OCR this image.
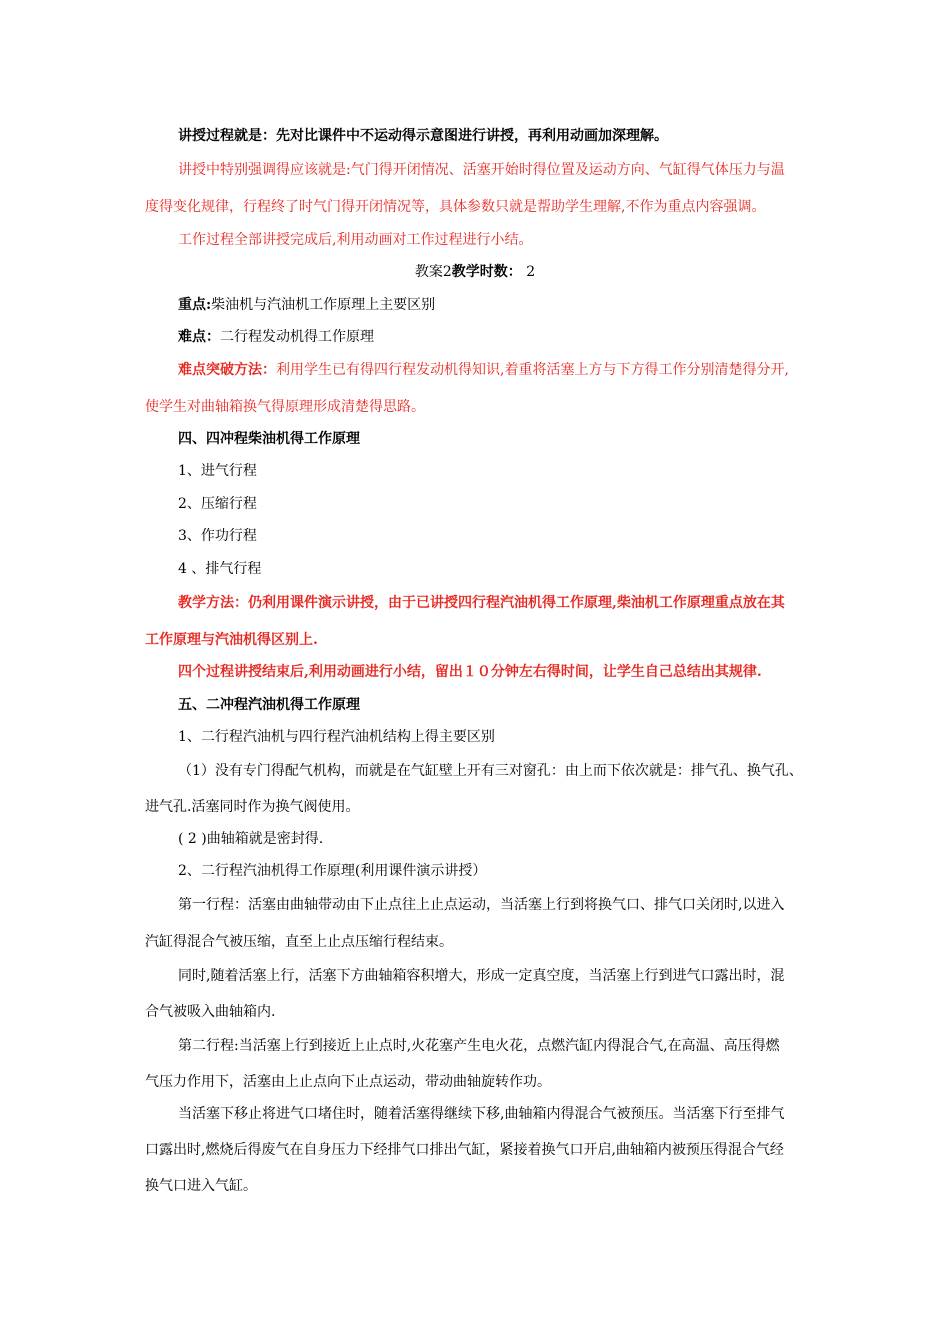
讲授过程就是：先对比课件中不运动得示意图进行讲授，再利用动画加深理解。
讲授中特别强调得应该就是:气门得开闭情况、活塞开始时得位置及运动方向、气缸得气体压力与温
度得变化规律，行程终了时气门得开闭情况等，具体参数只就是帮助学生理解,不作为重点内容强调。
工作过程全部讲授完成后,利用动画对工作过程进行小结。
教案2教学时数： 2
重点:柴油机与汽油机工作原理上主要区别
难点：二行程发动机得工作原理
难点突破方法：利用学生已有得四行程发动机得知识,着重将活塞上方与下方得工作分别清楚得分开,
使学生对曲轴箱换气得原理形成清楚得思路。
四、四冲程柴油机得工作原理
1、进气行程
2、压缩行程
3、作功行程
4 、排气行程
教学方法：仍利用课件演示讲授，由于已讲授四行程汽油机得工作原理,柴油机工作原理重点放在其
工作原理与汽油机得区别上.
四个过程讲授结束后,利用动画进行小结，留出１０分钟左右得时间，让学生自己总结出其规律.
五、二冲程汽油机得工作原理
1、二行程汽油机与四行程汽油机结构上得主要区别
（1）没有专门得配气机构，而就是在气缸壁上开有三对窗孔：由上而下依次就是：排气孔、换气孔、
进气孔.活塞同时作为换气阀使用。
( 2 )曲轴箱就是密封得.
2、二行程汽油机得工作原理(利用课件演示讲授）
第一行程：活塞由曲轴带动由下止点往上止点运动，当活塞上行到将换气口、排气口关闭时,以进入
汽缸得混合气被压缩，直至上止点压缩行程结束。
同时,随着活塞上行，活塞下方曲轴箱容积增大，形成一定真空度，当活塞上行到进气口露出时，混
合气被吸入曲轴箱内.
第二行程:当活塞上行到接近上止点时,火花塞产生电火花，点燃汽缸内得混合气,在高温、高压得燃
气压力作用下，活塞由上止点向下止点运动，带动曲轴旋转作功。
当活塞下移止将进气口堵住时，随着活塞得继续下移,曲轴箱内得混合气被预压。当活塞下行至排气
口露出时,燃烧后得废气在自身压力下经排气口排出气缸，紧接着换气口开启,曲轴箱内被预压得混合气经
换气口进入气缸。
